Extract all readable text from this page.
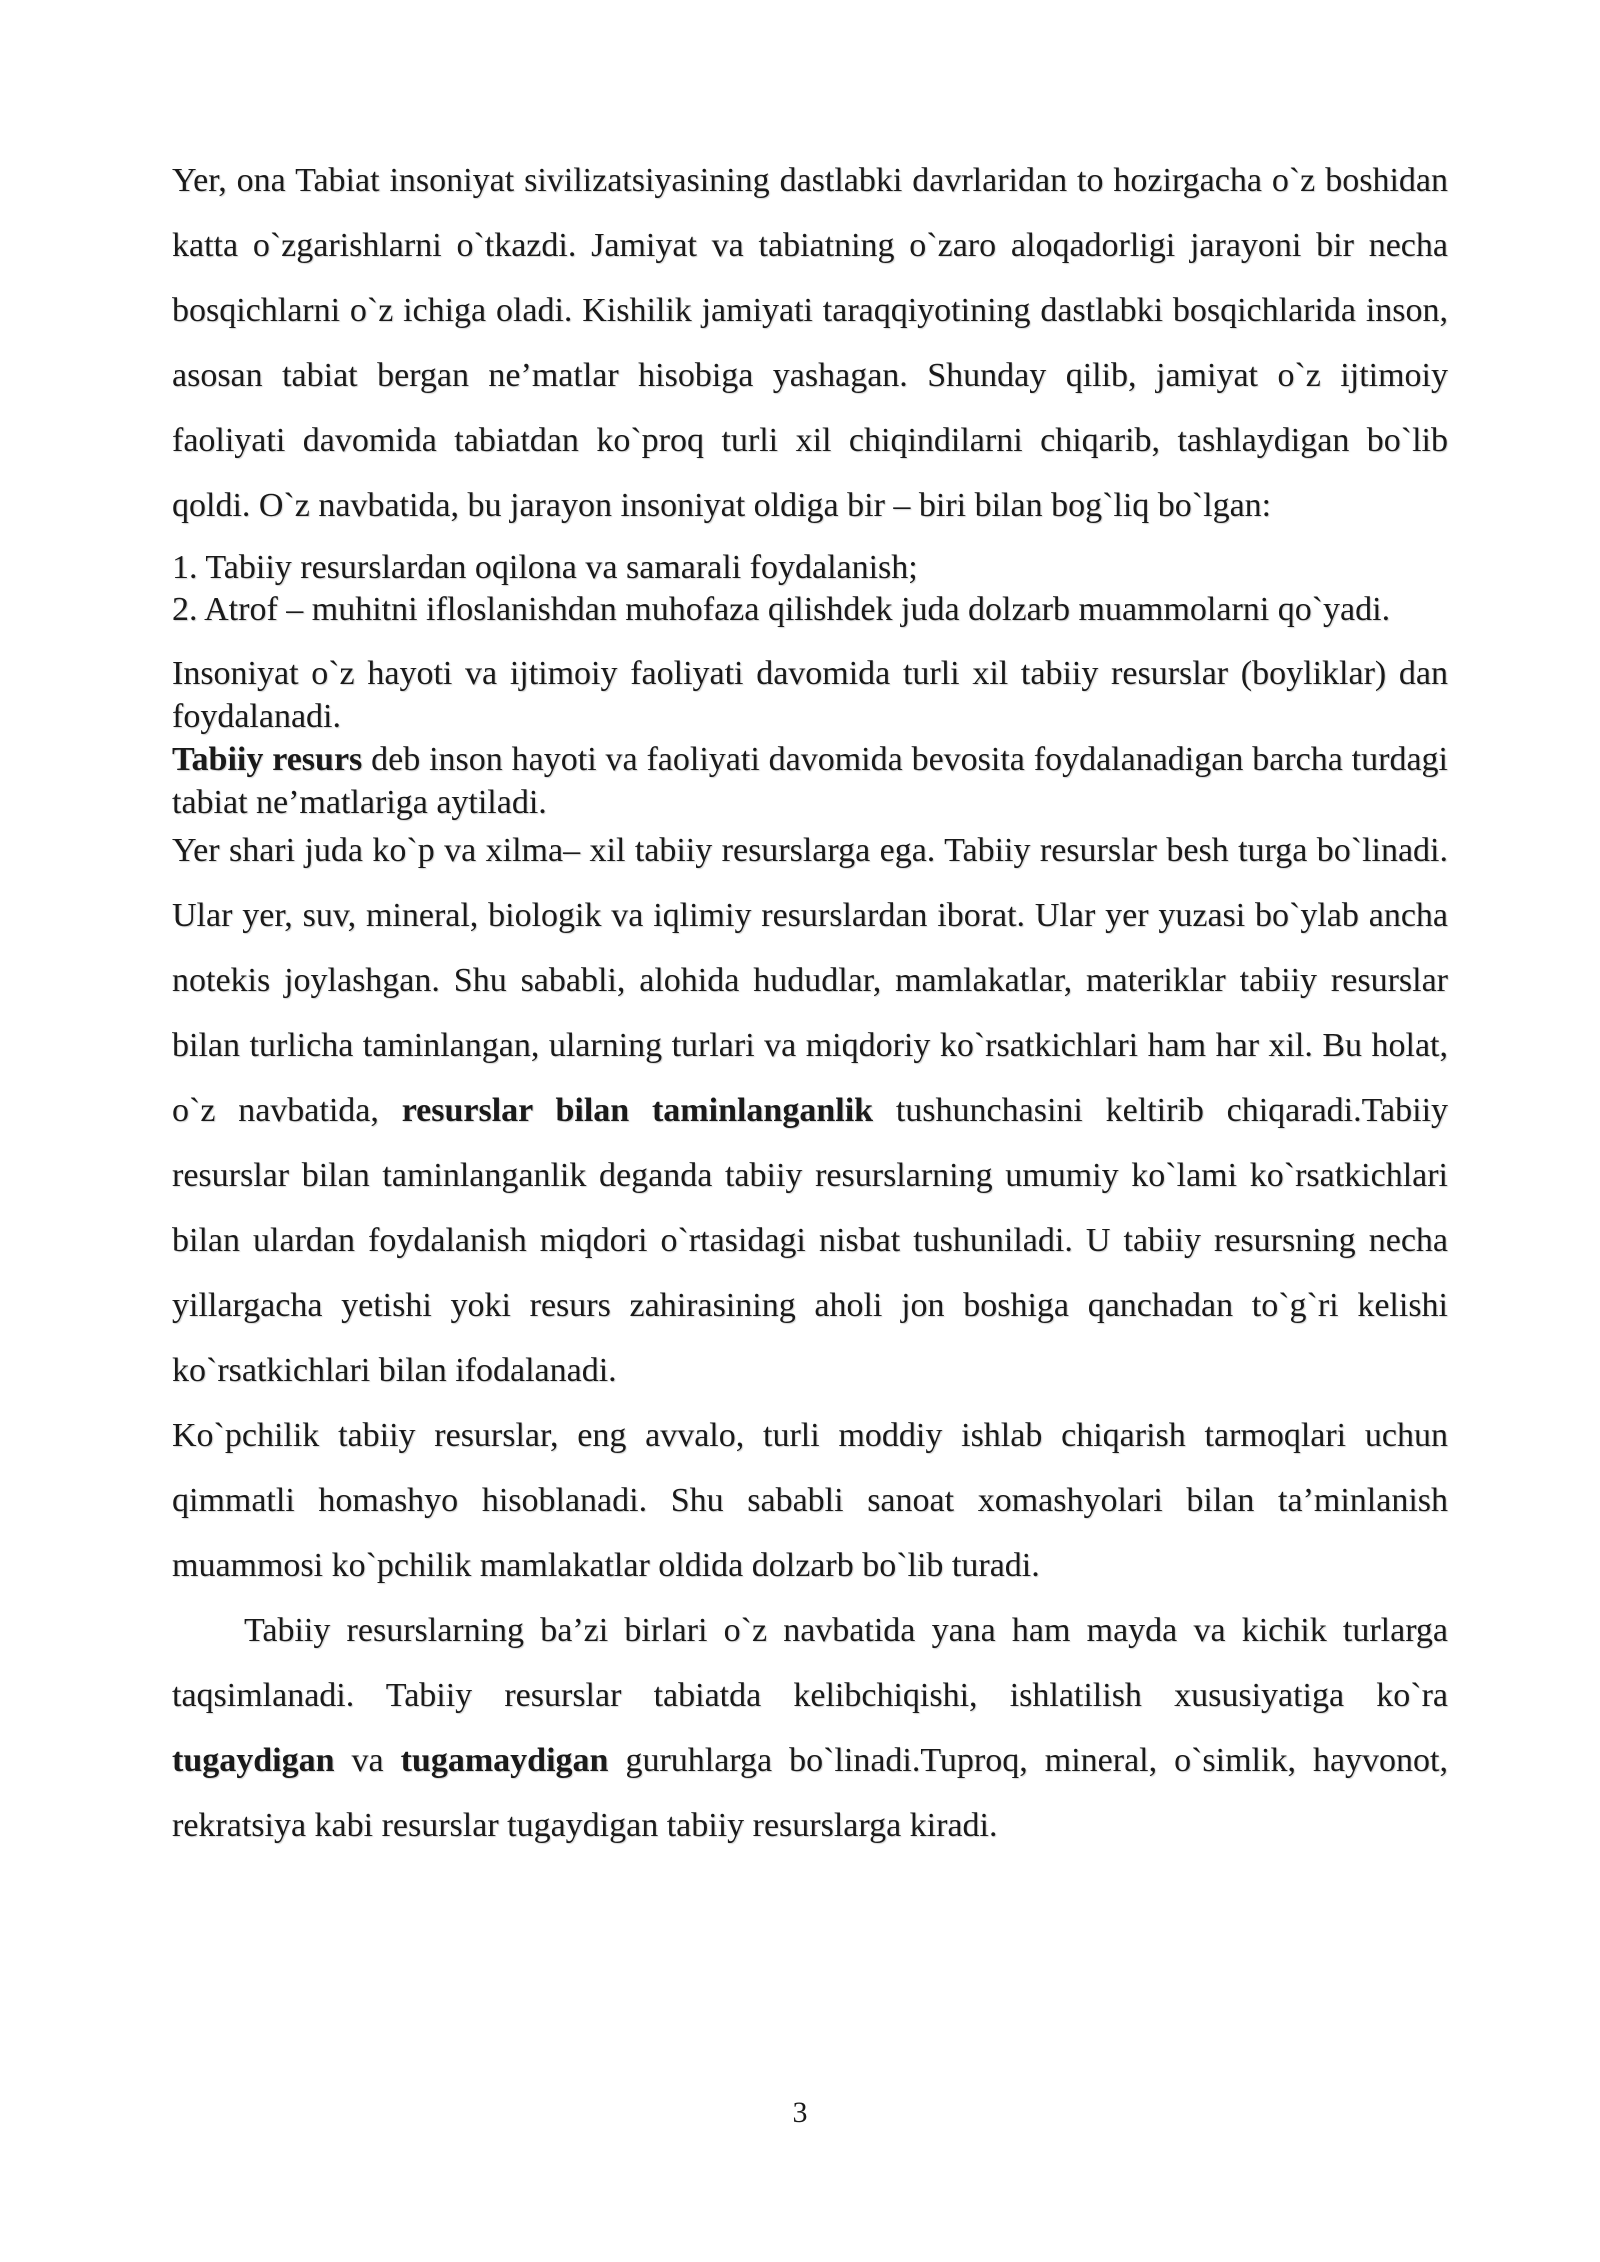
Yer, ona Tabiat insoniyat sivilizatsiyasining dastlabki davrlaridan to hozirgacha o`z boshidan katta o`zgarishlarni o`tkazdi. Jamiyat va tabiatning o`zaro aloqadorligi jarayoni bir necha bosqichlarni o`z ichiga oladi. Kishilik jamiyati taraqqiyotining dastlabki bosqichlarida inson, asosan tabiat bergan ne’matlar hisobiga yashagan. Shunday qilib, jamiyat o`z ijtimoiy faoliyati davomida tabiatdan ko`proq turli xil chiqindilarni chiqarib, tashlaydigan bo`lib qoldi. O`z navbatida, bu jarayon insoniyat oldiga bir – biri bilan bog`liq bo`lgan:

1. Tabiiy resurslardan oqilona va samarali foydalanish;

2. Atrof – muhitni ifloslanishdan muhofaza qilishdek juda dolzarb muammolarni qo`yadi.

Insoniyat o`z hayoti va ijtimoiy faoliyati davomida turli xil tabiiy resurslar (boyliklar) dan foydalanadi.

Tabiiy resurs deb inson hayoti va faoliyati davomida bevosita foydalanadigan barcha turdagi tabiat ne’matlariga aytiladi.

Yer shari juda ko`p va xilma– xil tabiiy resurslarga ega. Tabiiy resurslar besh turga bo`linadi. Ular yer, suv, mineral, biologik va iqlimiy resurslardan iborat. Ular yer yuzasi bo`ylab ancha notekis joylashgan. Shu sababli, alohida hududlar, mamlakatlar, materiklar tabiiy resurslar bilan turlicha taminlangan, ularning turlari va miqdoriy ko`rsatkichlari ham har xil. Bu holat, o`z navbatida, resurslar bilan taminlanganlik tushunchasini keltirib chiqaradi.Tabiiy resurslar bilan taminlanganlik deganda tabiiy resurslarning umumiy ko`lami ko`rsatkichlari bilan ulardan foydalanish miqdori o`rtasidagi nisbat tushuniladi. U tabiiy resursning necha yillargacha yetishi yoki resurs zahirasining aholi jon boshiga qanchadan to`g`ri kelishi ko`rsatkichlari bilan ifodalanadi.

Ko`pchilik tabiiy resurslar, eng avvalo, turli moddiy ishlab chiqarish tarmoqlari uchun qimmatli homashyo hisoblanadi. Shu sababli sanoat xomashyolari bilan ta’minlanish muammosi ko`pchilik mamlakatlar oldida dolzarb bo`lib turadi.

Tabiiy resurslarning ba’zi birlari o`z navbatida yana ham mayda va kichik turlarga taqsimlanadi. Tabiiy resurslar tabiatda kelibchiqishi, ishlatilish xususiyatiga ko`ra tugaydigan va tugamaydigan guruhlarga bo`linadi.Tuproq, mineral, o`simlik, hayvonot, rekratsiya kabi resurslar tugaydigan tabiiy resurslarga kiradi.

3
